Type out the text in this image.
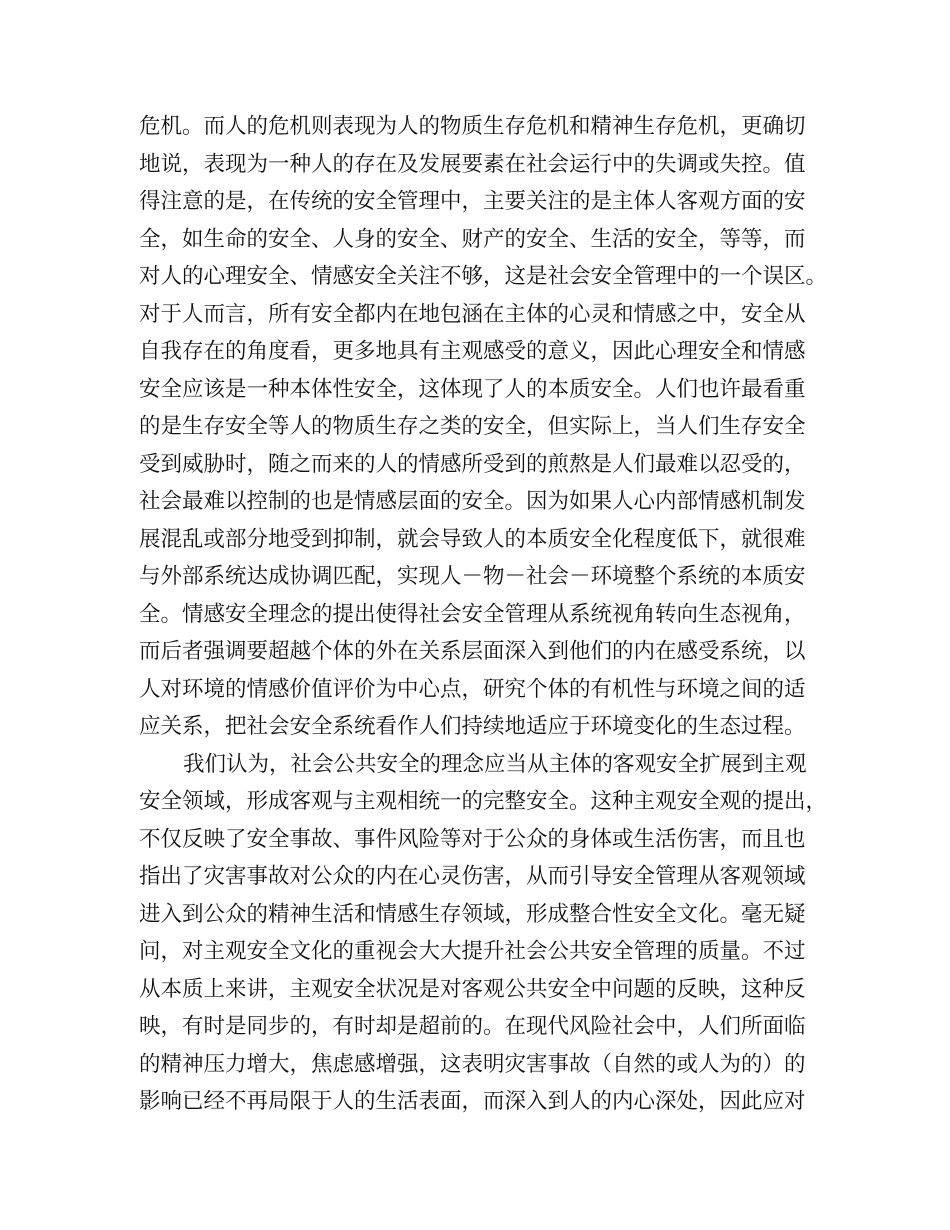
危机。而人的危机则表现为人的物质生存危机和精神生存危机，更确切
地说，表现为一种人的存在及发展要素在社会运行中的失调或失控。值
得注意的是，在传统的安全管理中，主要关注的是主体人客观方面的安
全，如生命的安全、人身的安全、财产的安全、生活的安全，等等，而
对人的心理安全、情感安全关注不够，这是社会安全管理中的一个误区。
对于人而言，所有安全都内在地包涵在主体的心灵和情感之中，安全从
自我存在的角度看，更多地具有主观感受的意义，因此心理安全和情感
安全应该是一种本体性安全，这体现了人的本质安全。人们也许最看重
的是生存安全等人的物质生存之类的安全，但实际上，当人们生存安全
受到威胁时，随之而来的人的情感所受到的煎熬是人们最难以忍受的，
社会最难以控制的也是情感层面的安全。因为如果人心内部情感机制发
展混乱或部分地受到抑制，就会导致人的本质安全化程度低下，就很难
与外部系统达成协调匹配，实现人－物－社会－环境整个系统的本质安
全。情感安全理念的提出使得社会安全管理从系统视角转向生态视角，
而后者强调要超越个体的外在关系层面深入到他们的内在感受系统，以
人对环境的情感价值评价为中心点，研究个体的有机性与环境之间的适
应关系，把社会安全系统看作人们持续地适应于环境变化的生态过程。
我们认为，社会公共安全的理念应当从主体的客观安全扩展到主观
安全领域，形成客观与主观相统一的完整安全。这种主观安全观的提出，
不仅反映了安全事故、事件风险等对于公众的身体或生活伤害，而且也
指出了灾害事故对公众的内在心灵伤害，从而引导安全管理从客观领域
进入到公众的精神生活和情感生存领域，形成整合性安全文化。毫无疑
问，对主观安全文化的重视会大大提升社会公共安全管理的质量。不过
从本质上来讲，主观安全状况是对客观公共安全中问题的反映，这种反
映，有时是同步的，有时却是超前的。在现代风险社会中，人们所面临
的精神压力增大，焦虑感增强，这表明灾害事故（自然的或人为的）的
影响已经不再局限于人的生活表面，而深入到人的内心深处，因此应对
